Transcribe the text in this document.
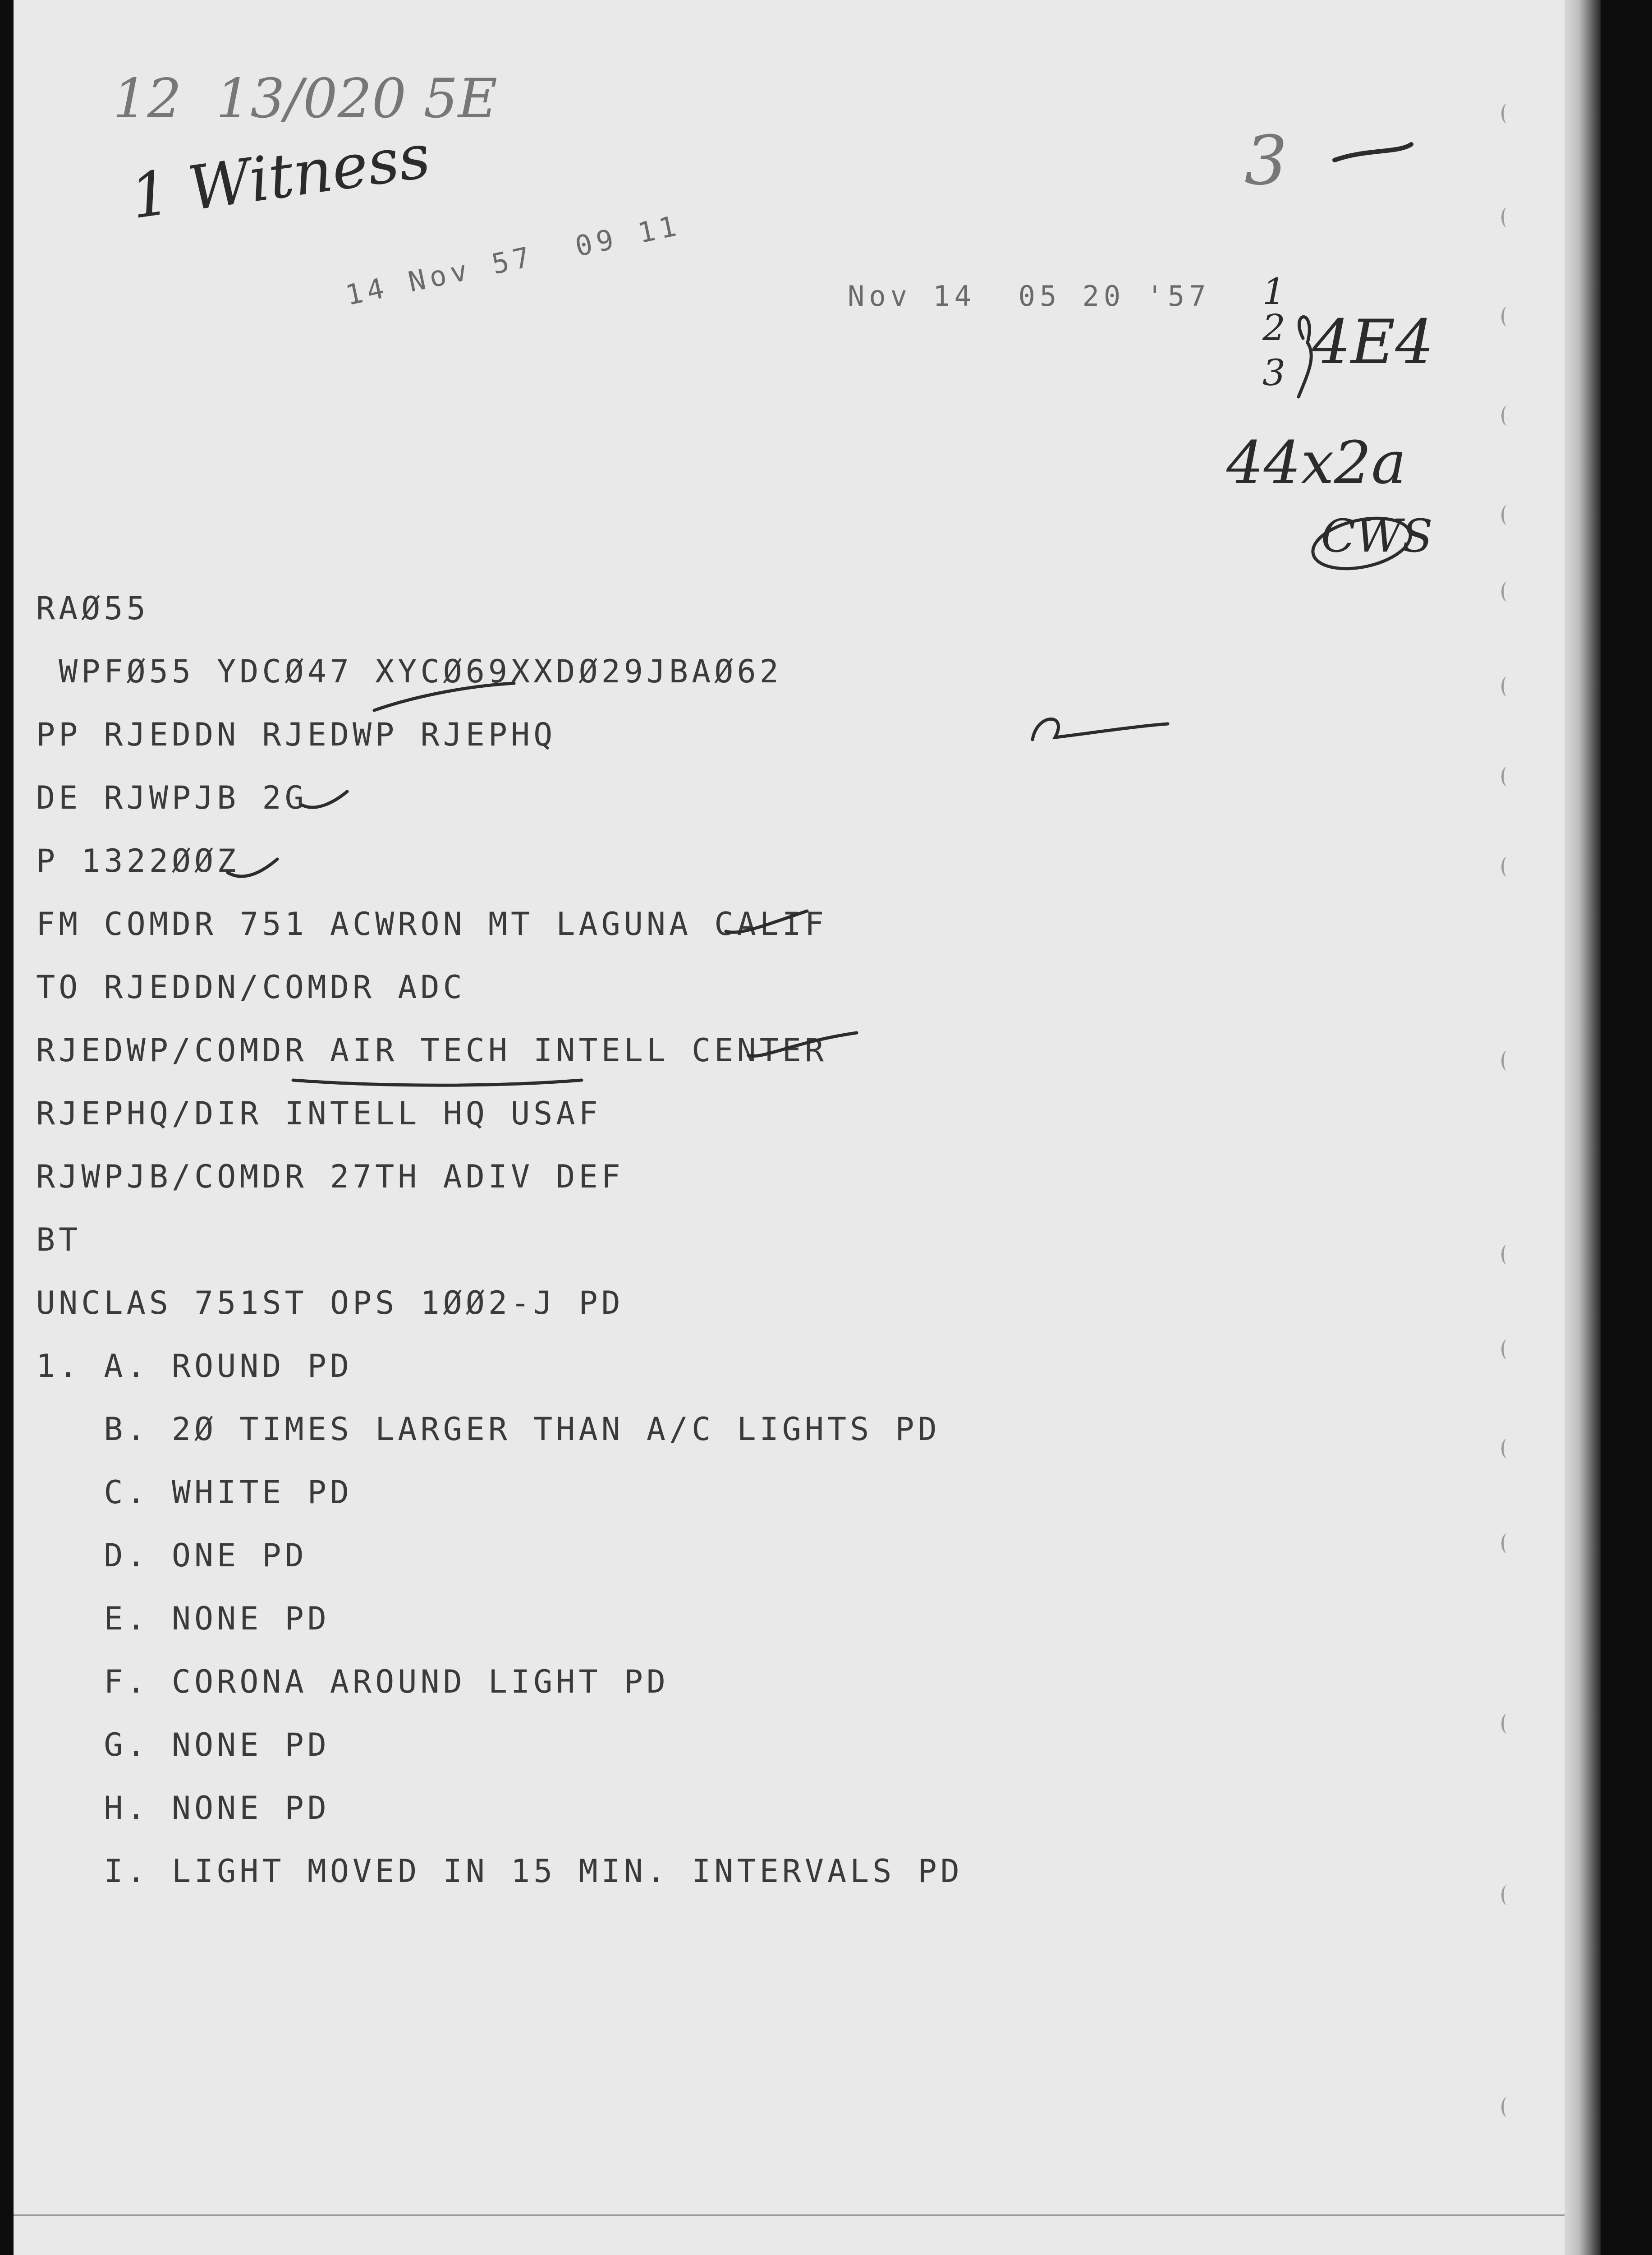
12  13/020 5E
1 Witness	3
1
2
3 4E4
44x2a
CWS
14 Nov 57  09 11	Nov 14  05 20 '57
RAØ55
WPFØ55 YDCØ47 XYCØ69XXDØ29JBAØ62
PP RJEDDN RJEDWP RJEPHQ
DE RJWPJB 2G
P 1322ØØZ
FM COMDR 751 ACWRON MT LAGUNA CALIF
TO RJEDDN/COMDR ADC
RJEDWP/COMDR AIR TECH INTELL CENTER
RJEPHQ/DIR INTELL HQ USAF
RJWPJB/COMDR 27TH ADIV DEF
BT
UNCLAS 751ST OPS 1ØØ2-J PD
1. A. ROUND PD
B. 2Ø TIMES LARGER THAN A/C LIGHTS PD
C. WHITE PD
D. ONE PD
E. NONE PD
F. CORONA AROUND LIGHT PD
G. NONE PD
H. NONE PD
I. LIGHT MOVED IN 15 MIN. INTERVALS PD
